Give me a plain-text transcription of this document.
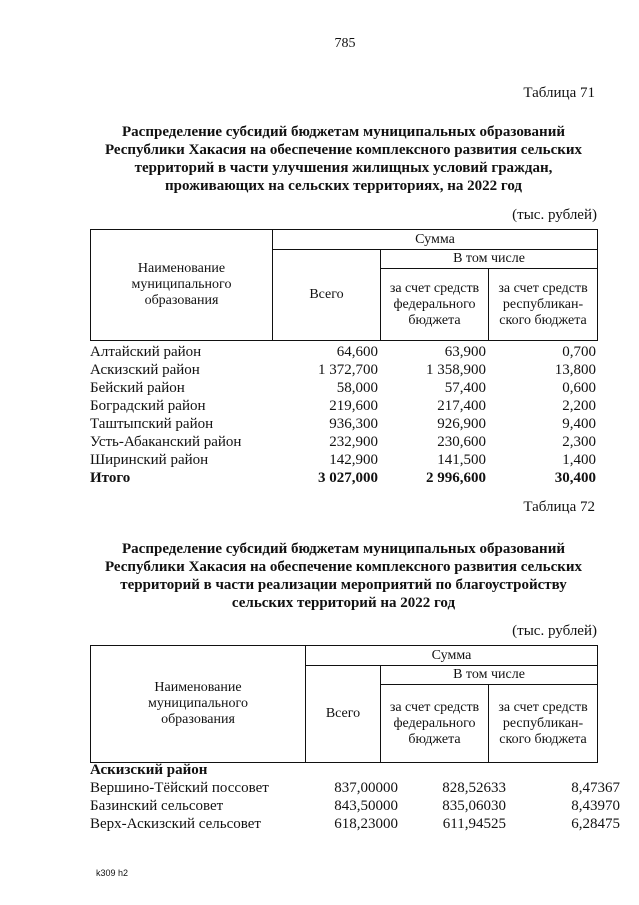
785
Таблица 71
Распределение субсидий бюджетам муниципальных образований
Республики Хакасия на обеспечение комплексного развития сельских
территорий в части улучшения жилищных условий граждан,
проживающих на сельских территориях, на 2022 год
(тыс. рублей)
Наименование муниципального образования	Сумма		
	Всего	В том числе	
		за счет средств федерального бюджета	за счет средств республикан-ского бюджета
Алтайский район	64,600	63,900	0,700
Аскизский район	1 372,700	1 358,900	13,800
Бейский район	58,000	57,400	0,600
Боградский район	219,600	217,400	2,200
Таштыпский район	936,300	926,900	9,400
Усть-Абаканский район	232,900	230,600	2,300
Ширинский район	142,900	141,500	1,400
Итого	3 027,000	2 996,600	30,400
Таблица 72
Распределение субсидий бюджетам муниципальных образований
Республики Хакасия на обеспечение комплексного развития сельских
территорий в части реализации мероприятий по благоустройству
сельских территорий на 2022 год
(тыс. рублей)
Наименование муниципального образования	Сумма		
	Всего	В том числе	
		за счет средств федерального бюджета	за счет средств республикан-ского бюджета
Аскизский район
Вершино-Тёйский поссовет	837,00000	828,52633	8,47367
Базинский сельсовет	843,50000	835,06030	8,43970
Верх-Аскизский сельсовет	618,23000	611,94525	6,28475
k309 h2
